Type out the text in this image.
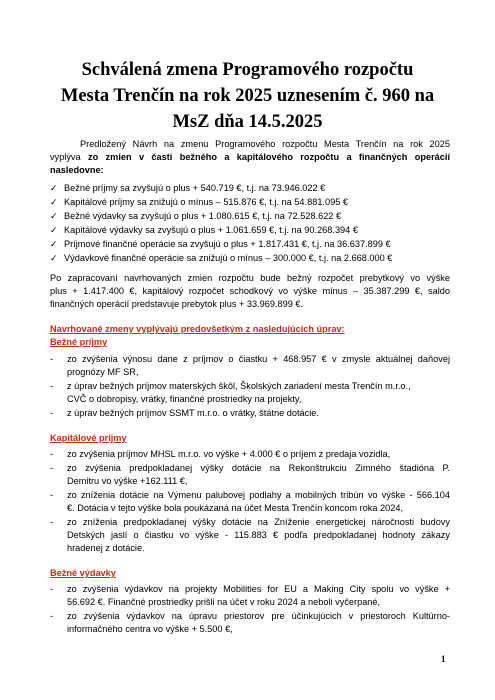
Schválená zmena Programového rozpočtu
Mesta Trenčín na rok 2025 uznesením č. 960 na
MsZ dňa 14.5.2025
Predložený Návrh na zmenu Programového rozpočtu Mesta Trenčín na rok 2025
vyplýva zo zmien v časti bežného a kapitálového rozpočtu a finančných operácií
nasledovne:
✓ Bežné príjmy sa zvyšujú o plus + 540.719 €, t.j. na 73.946.022 €
✓ Kapitálové príjmy sa znižujú o mínus – 515.876 €, t.j. na 54.881.095 €
✓ Bežné výdavky sa zvyšujú o plus + 1.080.615 €, t.j. na 72.528.622 €
✓ Kapitálové výdavky sa zvyšujú o plus + 1.061.659 €, t.j. na 90.268.394 €
✓ Príjmové finančné operácie sa zvyšujú o plus + 1.817.431 €, t.j. na 36.637.899 €
✓ Výdavkové finančné operácie sa znižujú o mínus – 300.000 €, t.j. na 2.668.000 €
Po zapracovaní navrhovaných zmien rozpočtu bude bežný rozpočet prebytkový vo výške
plus + 1.417.400 €, kapitálový rozpočet schodkový vo výške mínus – 35.387.299 €, saldo
finančných operácií predstavuje prebytok plus + 33.969.899 €.
Navrhované zmeny vyplývajú predovšetkým z nasledujúcich úprav:
Bežné príjmy
- zo zvýšenia výnosu dane z príjmov o čiastku + 468.957 € v zmysle aktuálnej daňovej
prognózy MF SR,
- z úprav bežných príjmov materských škôl, Školských zariadení mesta Trenčín m.r.o.,
CVČ o dobropisy, vrátky, finančné prostriedky na projekty,
- z úprav bežných príjmov SSMT m.r.o. o vrátky, štátne dotácie.
Kapitálové príjmy
- zo zvýšenia príjmov MHSL m.r.o. vo výške + 4.000 € o príjem z predaja vozidla,
- zo zvýšenia predpokladanej výšky dotácie na Rekonštrukciu Zimného štadióna P.
Demitru vo výške +162.111 €,
- zo zníženia dotácie na Výmenu palubovej podlahy a mobilných tribún vo výške - 566.104
€. Dotácia v tejto výške bola poukázaná na účet Mesta Trenčín koncom roka 2024,
- zo zníženia predpokladanej výšky dotácie na Zníženie energetickej náročnosti budovy
Detských jaslí o čiastku vo výške - 115.883 € podľa predpokladanej hodnoty zákazy
hradenej z dotácie.
Bežné výdavky
- zo zvýšenia výdavkov na projekty Mobilities for EU a Making City spolu vo výške +
56.692 €. Finančné prostriedky prišli na účet v roku 2024 a neboli vyčerpané,
- zo zvýšenia výdavkov na úpravu priestorov pre účinkujúcich v priestoroch Kultúrno-
informačného centra vo výške + 5.500 €,
1
